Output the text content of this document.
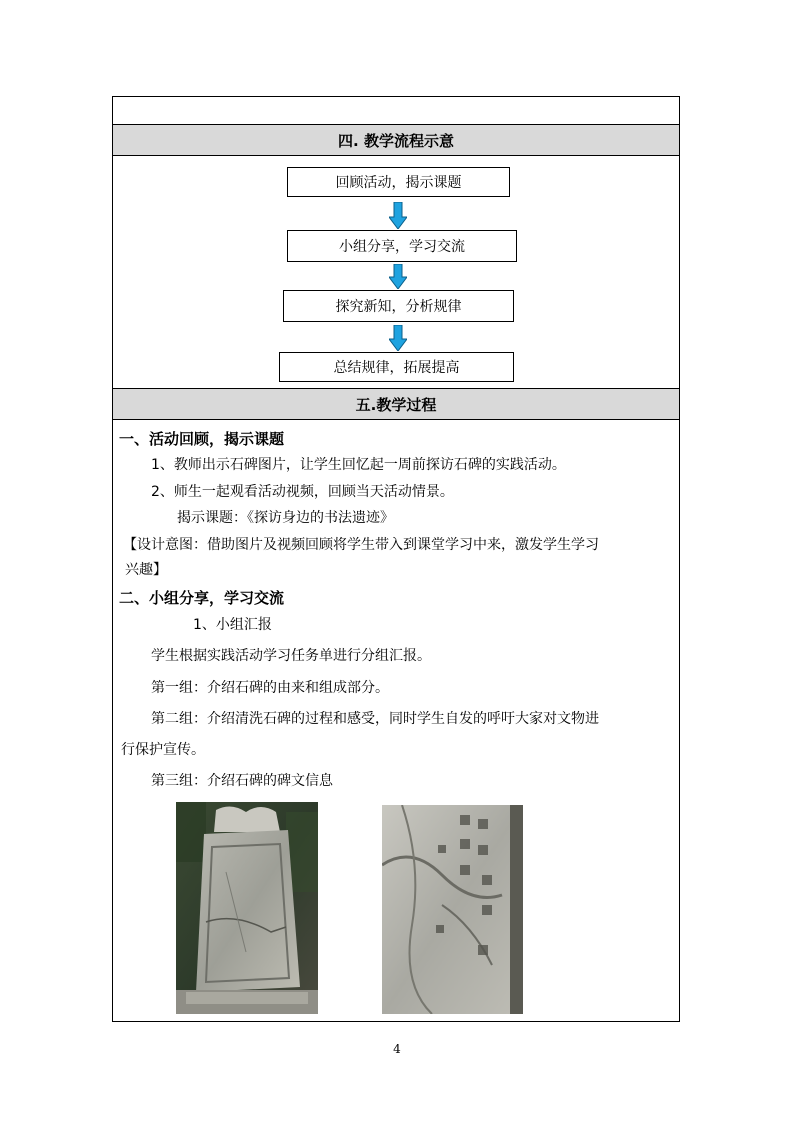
四. 教学流程示意
回顾活动，揭示课题
小组分享，学习交流
探究新知，分析规律
总结规律，拓展提高
五.教学过程
一、活动回顾，揭示课题
1、教师出示石碑图片，让学生回忆起一周前探访石碑的实践活动。
2、师生一起观看活动视频，回顾当天活动情景。
揭示课题：《探访身边的书法遗迹》
【设计意图：借助图片及视频回顾将学生带入到课堂学习中来，激发学生学习
兴趣】
二、小组分享，学习交流
1、小组汇报
学生根据实践活动学习任务单进行分组汇报。
第一组：介绍石碑的由来和组成部分。
第二组：介绍清洗石碑的过程和感受，同时学生自发的呼吁大家对文物进
行保护宣传。
第三组：介绍石碑的碑文信息
4
